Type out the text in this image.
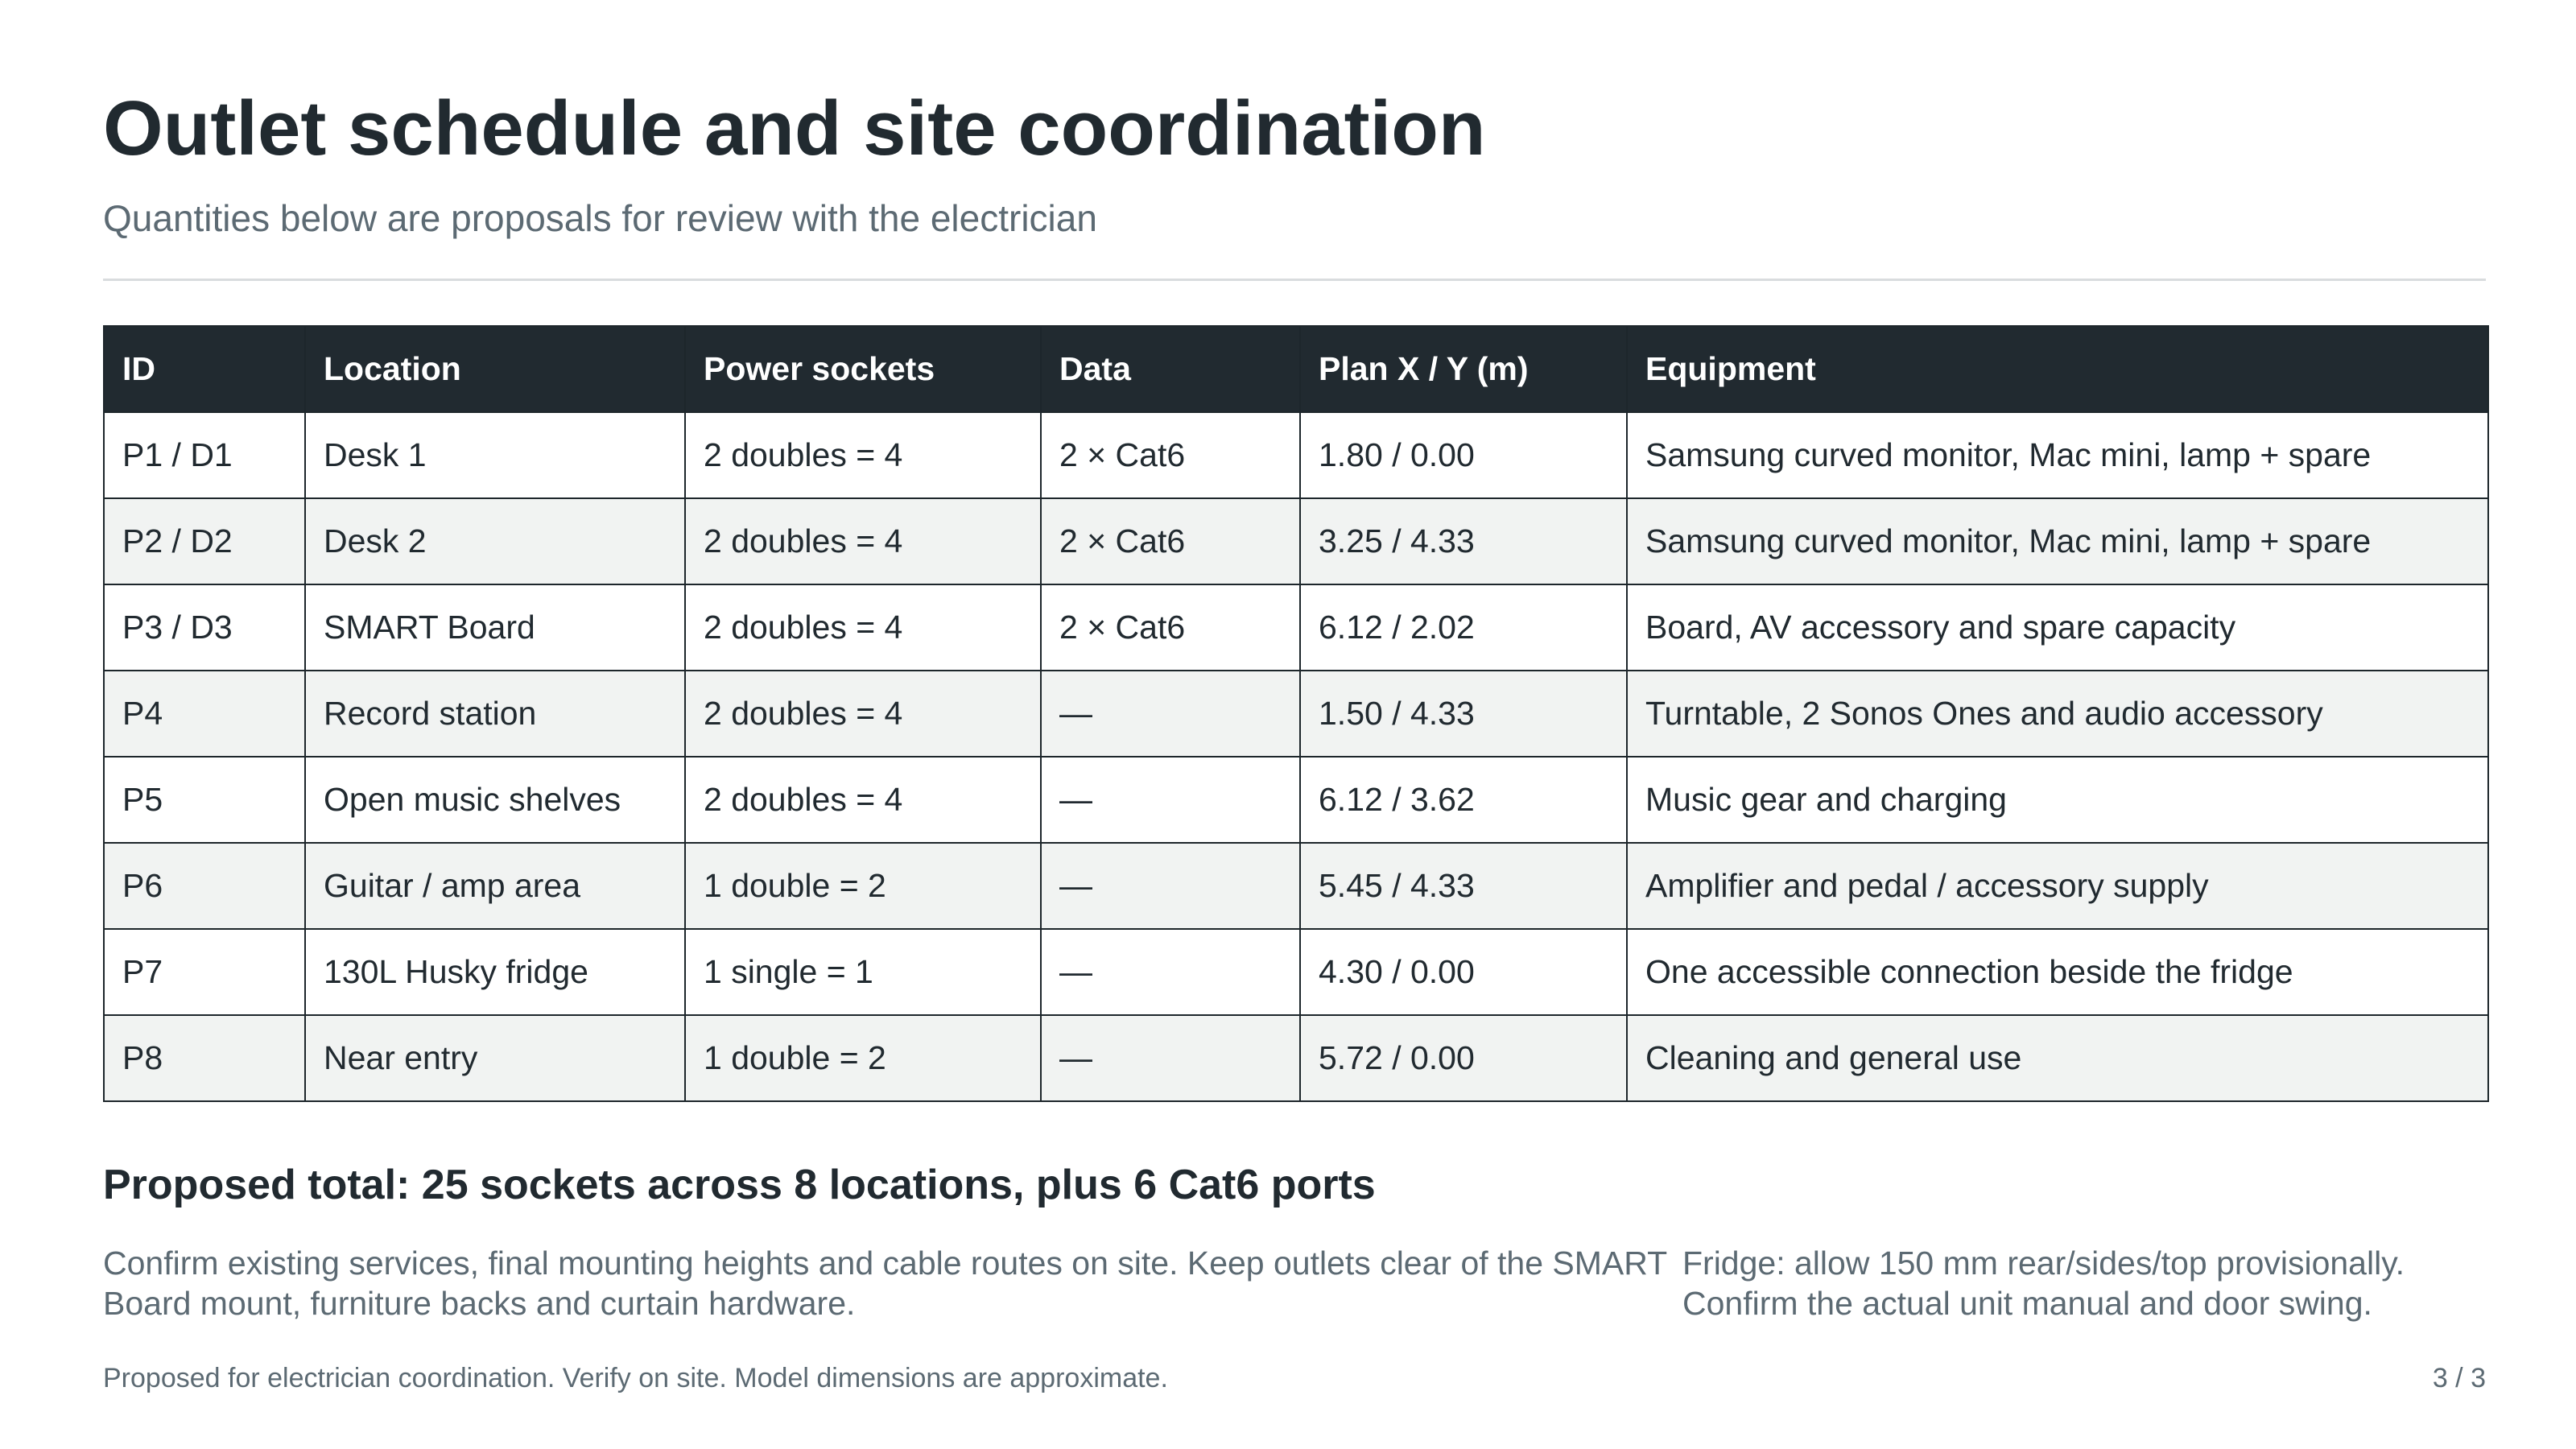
Outlet schedule and site coordination
Quantities below are proposals for review with the electrician
ID	Location	Power sockets	Data	Plan X / Y (m)	Equipment
P1 / D1	Desk 1	2 doubles = 4	2 × Cat6	1.80 / 0.00	Samsung curved monitor, Mac mini, lamp + spare
P2 / D2	Desk 2	2 doubles = 4	2 × Cat6	3.25 / 4.33	Samsung curved monitor, Mac mini, lamp + spare
P3 / D3	SMART Board	2 doubles = 4	2 × Cat6	6.12 / 2.02	Board, AV accessory and spare capacity
P4	Record station	2 doubles = 4	—	1.50 / 4.33	Turntable, 2 Sonos Ones and audio accessory
P5	Open music shelves	2 doubles = 4	—	6.12 / 3.62	Music gear and charging
P6	Guitar / amp area	1 double = 2	—	5.45 / 4.33	Amplifier and pedal / accessory supply
P7	130L Husky fridge	1 single = 1	—	4.30 / 0.00	One accessible connection beside the fridge
P8	Near entry	1 double = 2	—	5.72 / 0.00	Cleaning and general use
Proposed total: 25 sockets across 8 locations, plus 6 Cat6 ports
Confirm existing services, final mounting heights and cable routes on site. Keep outlets clear of the SMART Board mount, furniture backs and curtain hardware.
Fridge: allow 150 mm rear/sides/top provisionally. Confirm the actual unit manual and door swing.
Proposed for electrician coordination. Verify on site. Model dimensions are approximate.	3 / 3
